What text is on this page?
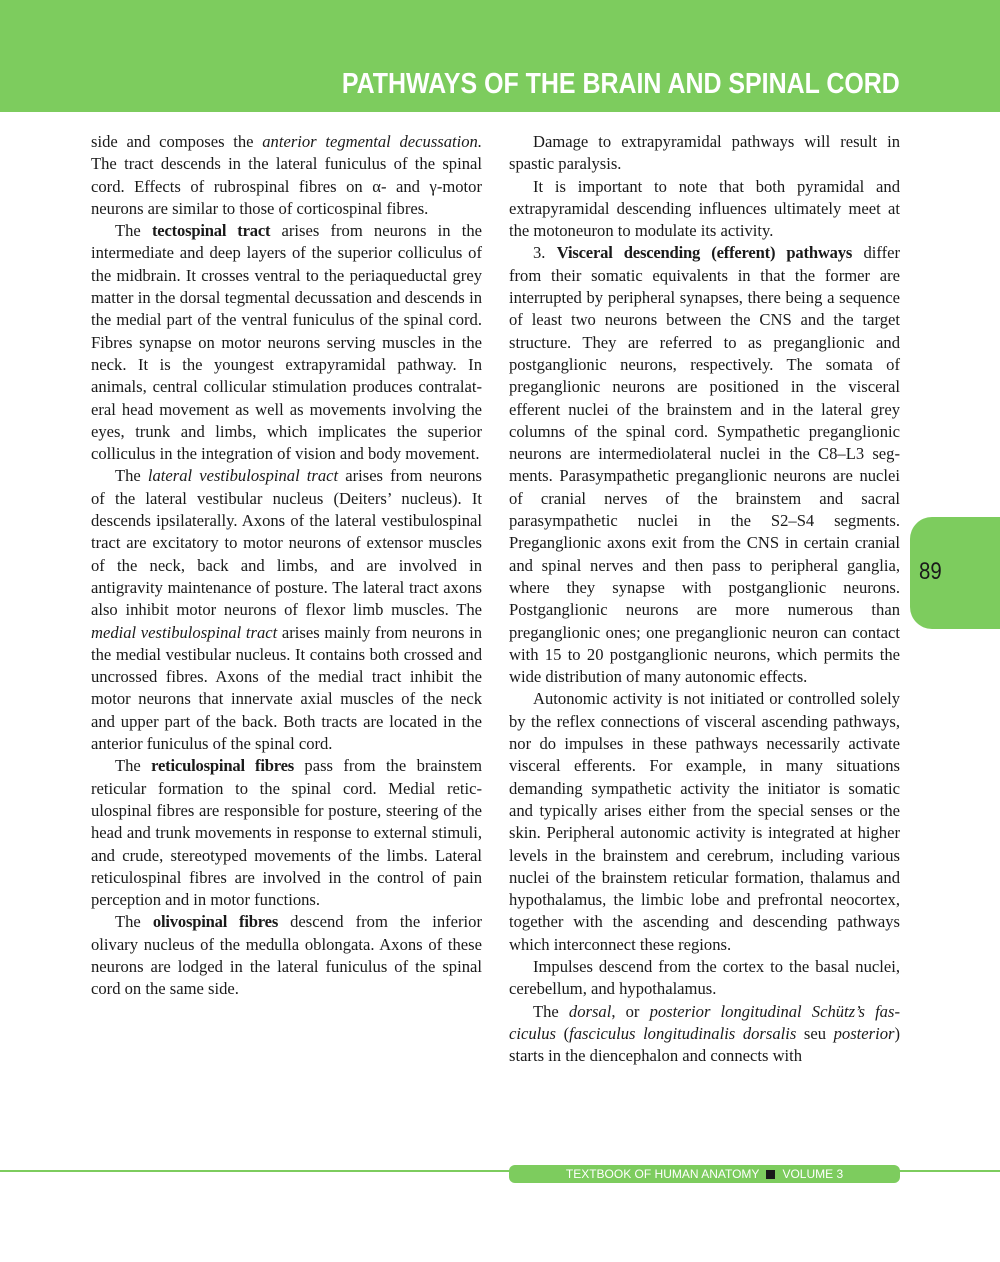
PATHWAYS OF THE BRAIN AND SPINAL CORD

side and composes the anterior tegmental decussation. The tract descends in the lateral funiculus of the spinal cord. Effects of rubrospinal fibres on α- and γ-motor neurons are similar to those of corticospinal fibres.

The tectospinal tract arises from neurons in the intermediate and deep layers of the superior colliculus of the midbrain. It crosses ventral to the periaqueductal grey matter in the dorsal tegmental decussation and descends in the medial part of the ventral funiculus of the spinal cord. Fibres synapse on motor neurons serving muscles in the neck. It is the youngest extrapyramidal pathway. In animals, central collicular stimulation produces contralateral head movement as well as movements involving the eyes, trunk and limbs, which implicates the superior colliculus in the integration of vision and body movement.

The lateral vestibulospinal tract arises from neurons of the lateral vestibular nucleus (Deiters’ nucleus). It descends ipsilaterally. Axons of the lateral vestibulospinal tract are excitatory to motor neurons of extensor muscles of the neck, back and limbs, and are involved in antigravity maintenance of posture. The lateral tract axons also inhibit motor neurons of flexor limb muscles. The medial vestibulospinal tract arises mainly from neurons in the medial vestibular nucleus. It contains both crossed and uncrossed fibres. Axons of the medial tract inhibit the motor neurons that innervate axial muscles of the neck and upper part of the back. Both tracts are located in the anterior funiculus of the spinal cord.

The reticulospinal fibres pass from the brainstem reticular formation to the spinal cord. Medial reticulospinal fibres are responsible for posture, steering of the head and trunk movements in response to external stimuli, and crude, stereotyped movements of the limbs. Lateral reticulospinal fibres are involved in the control of pain perception and in motor functions.

The olivospinal fibres descend from the inferior olivary nucleus of the medulla oblongata. Axons of these neurons are lodged in the lateral funiculus of the spinal cord on the same side.

Damage to extrapyramidal pathways will result in spastic paralysis.

It is important to note that both pyramidal and extrapyramidal descending influences ultimately meet at the motoneuron to modulate its activity.

3. Visceral descending (efferent) pathways differ from their somatic equivalents in that the former are interrupted by peripheral synapses, there being a sequence of least two neurons between the CNS and the target structure. They are referred to as preganglionic and postganglionic neurons, respectively. The somata of preganglionic neurons are positioned in the visceral efferent nuclei of the brainstem and in the lateral grey columns of the spinal cord. Sympathetic preganglionic neurons are intermediolateral nuclei in the C8–L3 segments. Parasympathetic preganglionic neurons are nuclei of cranial nerves of the brainstem and sacral parasympathetic nuclei in the S2–S4 segments. Preganglionic axons exit from the CNS in certain cranial and spinal nerves and then pass to peripheral ganglia, where they synapse with postganglionic neurons. Postganglionic neurons are more numerous than preganglionic ones; one preganglionic neuron can contact with 15 to 20 postganglionic neurons, which permits the wide distribution of many autonomic effects.

Autonomic activity is not initiated or controlled solely by the reflex connections of visceral ascending pathways, nor do impulses in these pathways necessarily activate visceral efferents. For example, in many situations demanding sympathetic activity the initiator is somatic and typically arises either from the special senses or the skin. Peripheral autonomic activity is integrated at higher levels in the brainstem and cerebrum, including various nuclei of the brainstem reticular formation, thalamus and hypothalamus, the limbic lobe and prefrontal neocortex, together with the ascending and descending pathways which interconnect these regions.

Impulses descend from the cortex to the basal nuclei, cerebellum, and hypothalamus.

The dorsal, or posterior longitudinal Schütz’s fasciculus (fasciculus longitudinalis dorsalis seu posterior) starts in the diencephalon and connects with

89
TEXTBOOK OF HUMAN ANATOMY VOLUME 3
